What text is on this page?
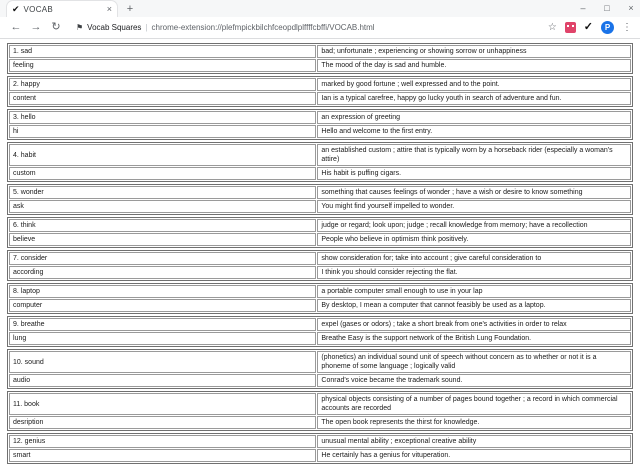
✔ VOCAB	×	+	– □ ×
← → ↻	⚑ Vocab Squares | chrome-extension://plefmpickbilchfceopdlplffffcbffi/VOCAB.html	☆ ✓	P	⋮
1. sad	bad; unfortunate ; experiencing or showing sorrow or unhappiness
feeling	The mood of the day is sad and humble.
2. happy	marked by good fortune ; well expressed and to the point.
content	Ian is a typical carefree, happy go lucky youth in search of adventure and fun.
3. hello	an expression of greeting
hi	Hello and welcome to the first entry.
4. habit	an established custom ; attire that is typically worn by a horseback rider (especially a woman's attire)
custom	His habit is puffing cigars.
5. wonder	something that causes feelings of wonder ; have a wish or desire to know something
ask	You might find yourself impelled to wonder.
6. think	judge or regard; look upon; judge ; recall knowledge from memory; have a recollection
believe	People who believe in optimism think positively.
7. consider	show consideration for; take into account ; give careful consideration to
according	I think you should consider rejecting the flat.
8. laptop	a portable computer small enough to use in your lap
computer	By desktop, I mean a computer that cannot feasibly be used as a laptop.
9. breathe	expel (gases or odors) ; take a short break from one's activities in order to relax
lung	Breathe Easy is the support network of the British Lung Foundation.
10. sound	(phonetics) an individual sound unit of speech without concern as to whether or not it is a phoneme of some language ; logically valid
audio	Conrad's voice became the trademark sound.
11. book	physical objects consisting of a number of pages bound together ; a record in which commercial accounts are recorded
desription	The open book represents the thirst for knowledge.
12. genius	unusual mental ability ; exceptional creative ability
smart	He certainly has a genius for vituperation.
